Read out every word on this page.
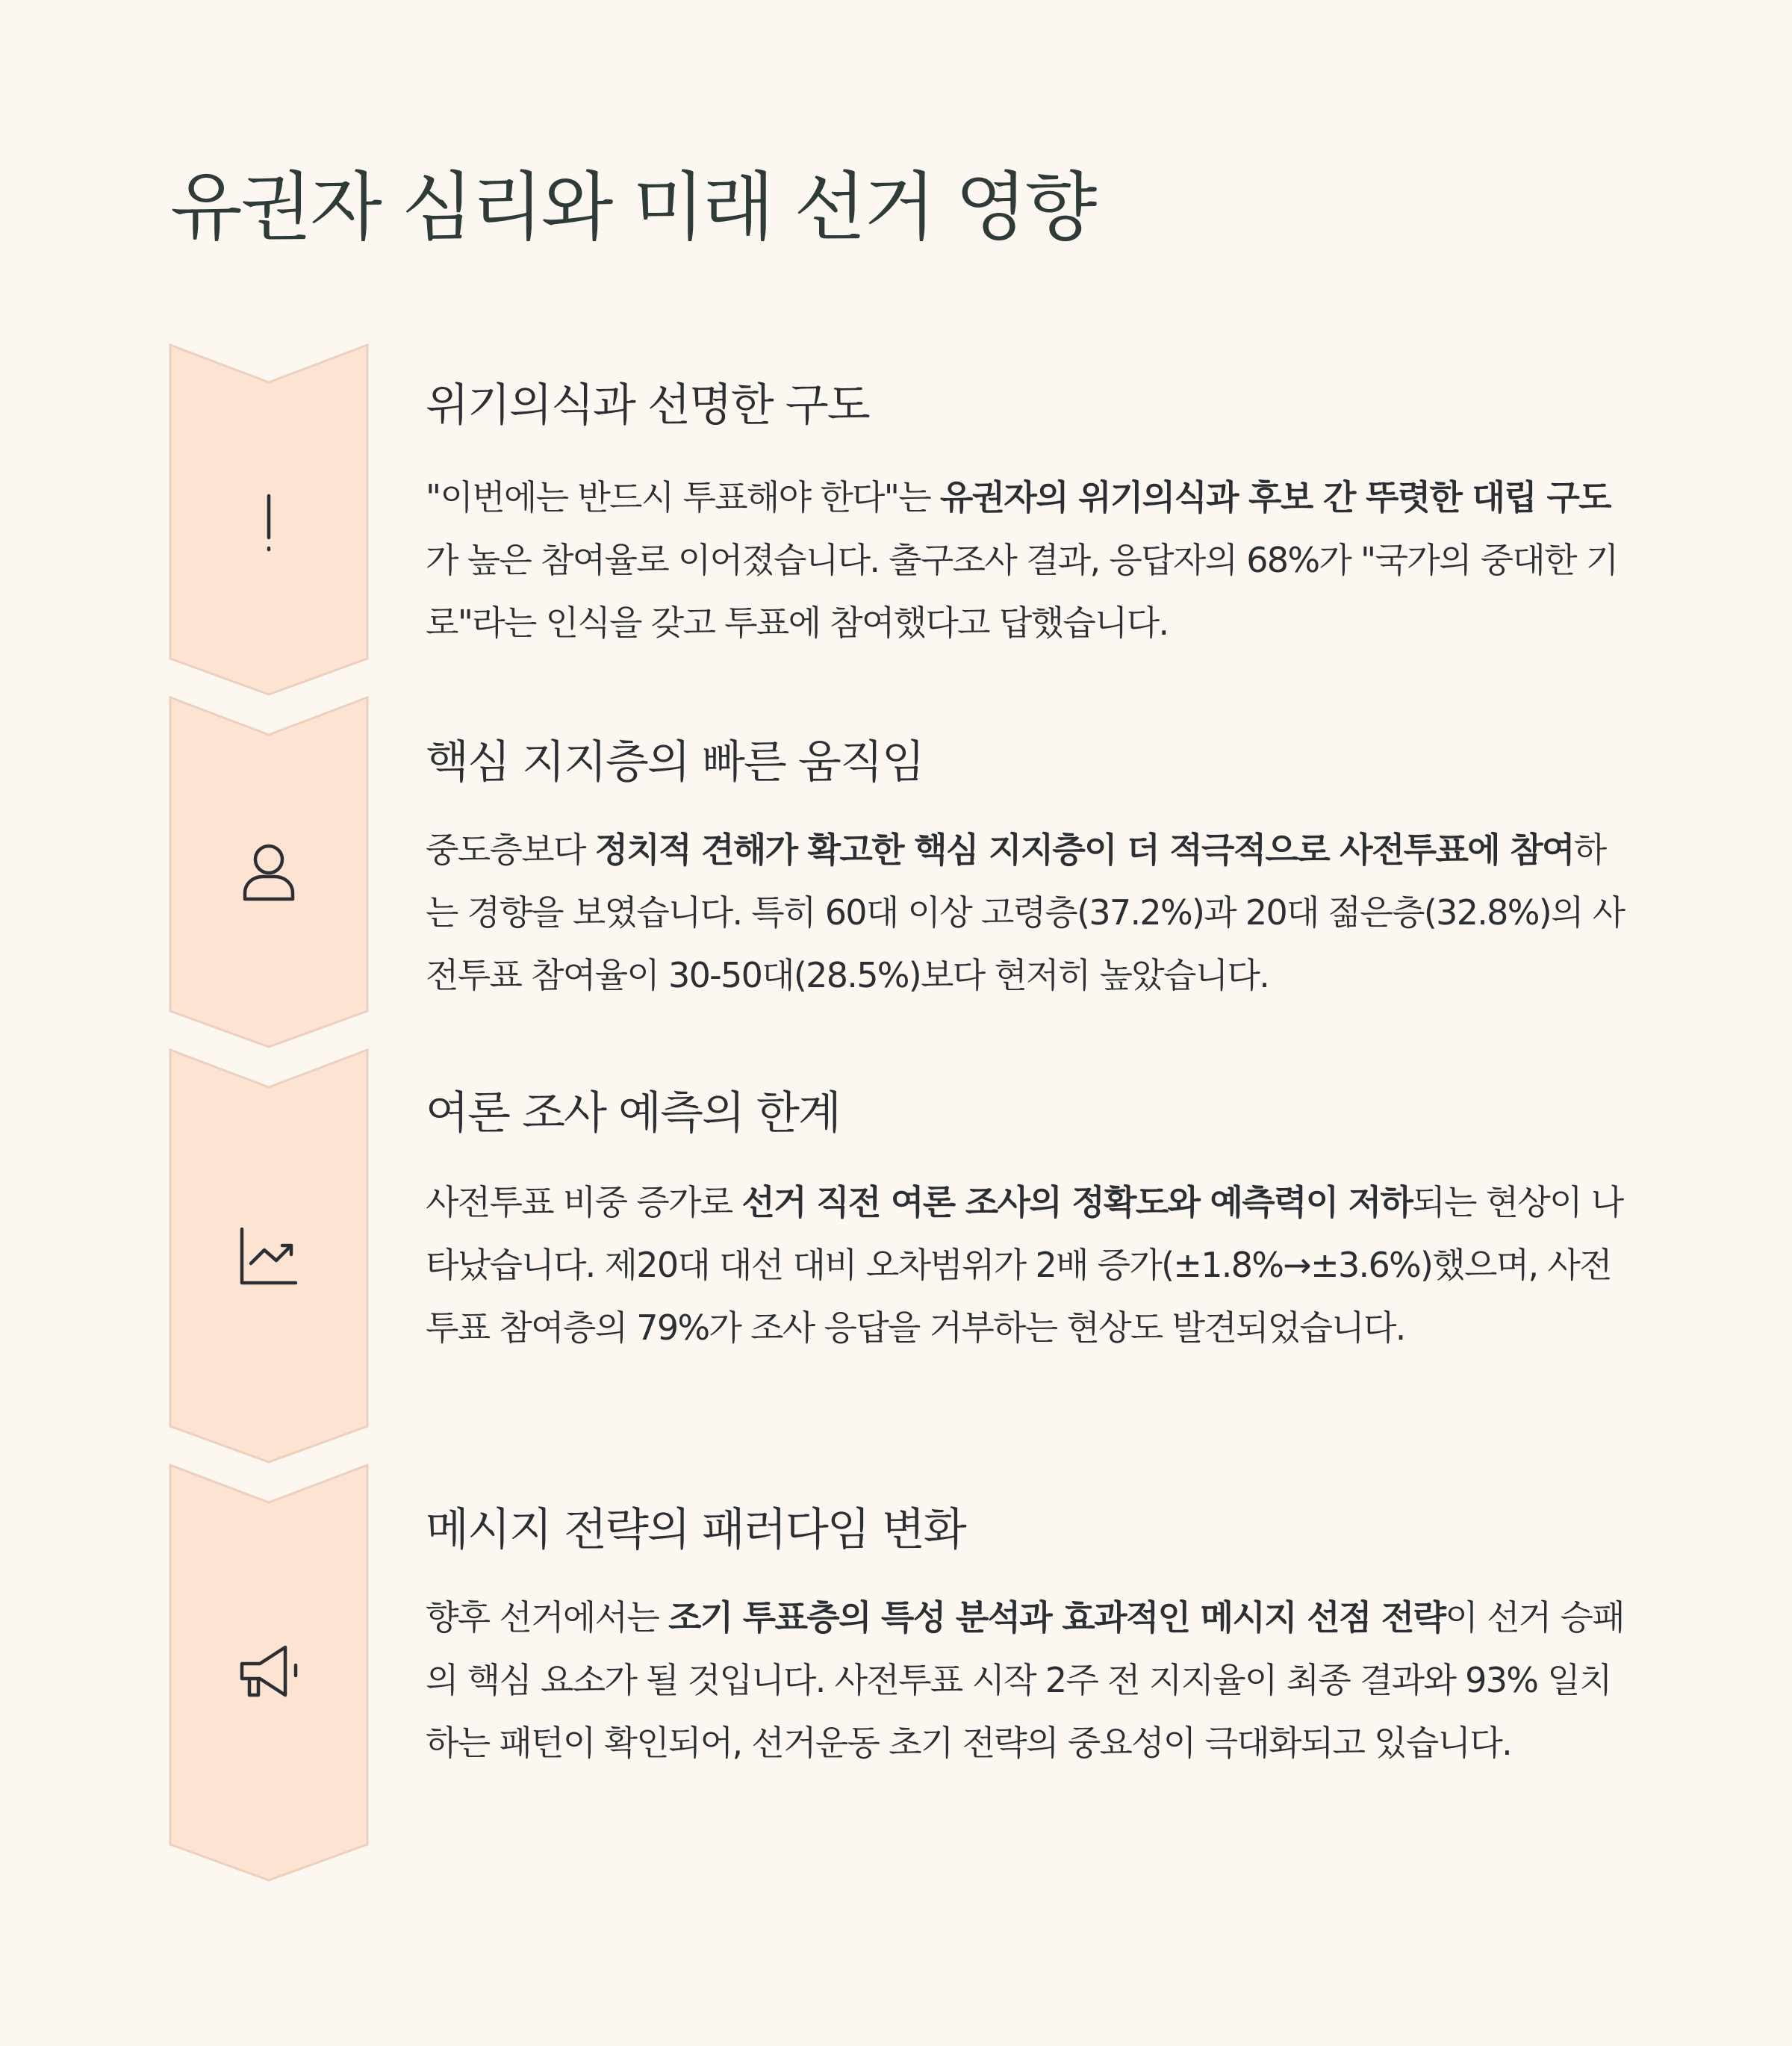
유권자 심리와 미래 선거 영향
위기의식과 선명한 구도

"이번에는 반드시 투표해야 한다"는 유권자의 위기의식과 후보 간 뚜렷한 대립 구도가 높은 참여율로 이어졌습니다. 출구조사 결과, 응답자의 68%가 "국가의 중대한 기로"라는 인식을 갖고 투표에 참여했다고 답했습니다.

핵심 지지층의 빠른 움직임

중도층보다 정치적 견해가 확고한 핵심 지지층이 더 적극적으로 사전투표에 참여하는 경향을 보였습니다. 특히 60대 이상 고령층(37.2%)과 20대 젊은층(32.8%)의 사전투표 참여율이 30-50대(28.5%)보다 현저히 높았습니다.

여론 조사 예측의 한계

사전투표 비중 증가로 선거 직전 여론 조사의 정확도와 예측력이 저하되는 현상이 나타났습니다. 제20대 대선 대비 오차범위가 2배 증가(±1.8%→±3.6%)했으며, 사전투표 참여층의 79%가 조사 응답을 거부하는 현상도 발견되었습니다.

메시지 전략의 패러다임 변화

향후 선거에서는 조기 투표층의 특성 분석과 효과적인 메시지 선점 전략이 선거 승패의 핵심 요소가 될 것입니다. 사전투표 시작 2주 전 지지율이 최종 결과와 93% 일치하는 패턴이 확인되어, 선거운동 초기 전략의 중요성이 극대화되고 있습니다.
